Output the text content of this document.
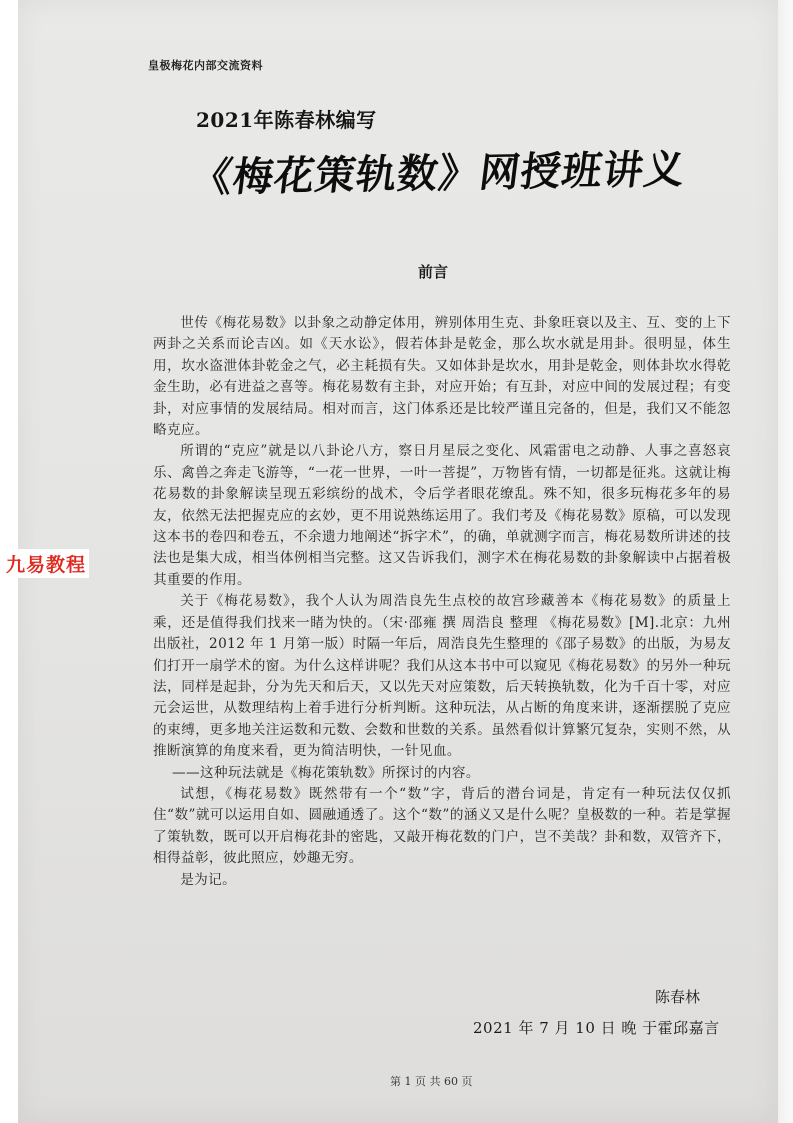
皇极梅花内部交流资料
2021年陈春林编写
《梅花策轨数》网授班讲义
前言

世传《梅花易数》以卦象之动静定体用，辨别体用生克、卦象旺衰以及主、互、变的上下两卦之关系而论吉凶。如《天水讼》，假若体卦是乾金，那么坎水就是用卦。很明显，体生用，坎水盗泄体卦乾金之气，必主耗损有失。又如体卦是坎水，用卦是乾金，则体卦坎水得乾金生助，必有进益之喜等。梅花易数有主卦，对应开始；有互卦，对应中间的发展过程；有变卦，对应事情的发展结局。相对而言，这门体系还是比较严谨且完备的，但是，我们又不能忽略克应。

所谓的“克应”就是以八卦论八方，察日月星辰之变化、风霜雷电之动静、人事之喜怒哀乐、禽兽之奔走飞游等，“一花一世界，一叶一菩提”，万物皆有情，一切都是征兆。这就让梅花易数的卦象解读呈现五彩缤纷的战术，令后学者眼花缭乱。殊不知，很多玩梅花多年的易友，依然无法把握克应的玄妙，更不用说熟练运用了。我们考及《梅花易数》原稿，可以发现这本书的卷四和卷五，不余遗力地阐述“拆字术”，的确，单就测字而言，梅花易数所讲述的技法也是集大成，相当体例相当完整。这又告诉我们，测字术在梅花易数的卦象解读中占据着极其重要的作用。

关于《梅花易数》，我个人认为周浩良先生点校的故宫珍藏善本《梅花易数》的质量上乘，还是值得我们找来一睹为快的。（宋·邵雍 撰 周浩良 整理 《梅花易数》[M].北京：九州出版社，2012 年 1 月第一版）时隔一年后，周浩良先生整理的《邵子易数》的出版，为易友们打开一扇学术的窗。为什么这样讲呢？我们从这本书中可以窥见《梅花易数》的另外一种玩法，同样是起卦，分为先天和后天，又以先天对应策数，后天转换轨数，化为千百十零，对应元会运世，从数理结构上着手进行分析判断。这种玩法，从占断的角度来讲，逐渐摆脱了克应的束缚，更多地关注运数和元数、会数和世数的关系。虽然看似计算繁冗复杂，实则不然，从推断演算的角度来看，更为简洁明快，一针见血。

——这种玩法就是《梅花策轨数》所探讨的内容。

试想，《梅花易数》既然带有一个“数”字，背后的潜台词是，肯定有一种玩法仅仅抓住“数”就可以运用自如、圆融通透了。这个“数”的涵义又是什么呢？皇极数的一种。若是掌握了策轨数，既可以开启梅花卦的密匙，又敲开梅花数的门户，岂不美哉？卦和数，双管齐下，相得益彰，彼此照应，妙趣无穷。

是为记。

陈春林
2021 年 7 月 10 日 晚 于霍邱嘉言
第 1 页 共 60 页
九易教程
